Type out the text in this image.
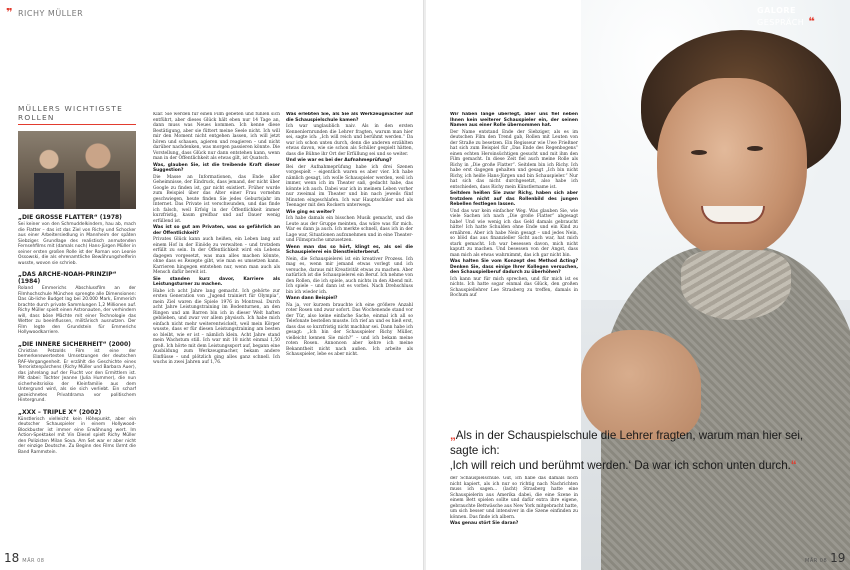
❞ RICHY MÜLLER
MÜLLERS WICHTIGSTE ROLLEN
„DIE GROSSE FLATTER“ (1978)
Sei keiner von den Schmuddelkindern, hau ab, mach die Flatter – das ist das Ziel von Richy und Schocker aus einer Arbeitersiedlung in Mannheim der späten Siebziger. Grundlage des realistisch anmutenden Fernsehfilms mit (damals noch) Hans-Jürgen Müller in seiner ersten großen Rolle ist der Roman von Leonie Ossowski, die als ehrenamtliche Bewährungshelferin wusste, wovon sie schrieb.
„DAS ARCHE-NOAH-PRINZIP“ (1984)
Roland Emmerichs Abschlussfilm an der Filmhochschule München sprengte alle Dimensionen: Das üb-liche Budget lag bei 20.000 Mark, Emmerich brachte durch private Sammlungen 1,2 Millionen auf. Richy Müller spielt einen Astronauten, der verhindern will, dass böse Mächte mit einer Technologie das Wetter zu beeinflussen, militärisch ausnutzen. Der Film legte den Grundstein für Emmerichs Hollywoodkarriere.
„DIE INNERE SICHERHEIT“ (2000)
Christian Petzolds Film ist eine der bemerkenswertesten Umsetzungen der deutschen RAF-Vergangenheit. Er erzählt die Geschichte eines Terroristenpärchens (Richy Müller und Barbara Auer), das jahrelang auf der Flucht vor den Ermittlern ist. Mit dabei: Tochter Jeanne (Julia Hummer), die nun sicherheitsrisiko der Kleinfamilie aus dem Untergrund wird, als sie sich verliebt. Ein scharf gezeichnetes Privatdrama vor politischem Hintergrund.
„XXX – TRIPLE X“ (2002)
Künstlerisch vielleicht kein Höhepunkt, aber ein deutscher Schauspieler in einem Hollywood-Blockbuster ist immer eine Erwähnung wert. Im Action-Spektakel mit Vin Diesel spielt Richy Müller den Polizisten Milan Sova. Am Set war er aber nicht der einzige Deutsche. Zu Beginn des Films lärmt die Band Rammstein.

Klar. Sie werden für einen Film gebeten und fühlen sich entführt, aber dieses Glück hält eben nur 14 Tage an, dann muss was Neues kommen. Ich kenne diese Bestätigung, aber sie füttert meine Seele nicht. Ich will mir den Moment nicht entgehen lassen, ich will jetzt hören und schauen, agieren und reagieren – und nicht darüber nachdenken, was morgen passieren könnte. Die Vorstellung, dass Glück nur dann entstehen kann, wenn man in der Öffentlichkeit als etwas gilt, ist Quatsch.

Was, glauben Sie, ist die treibende Kraft dieser Suggestion?

Die Masse an Informationen, das Ende aller Geheimnisse, der Eindruck, dass jemand, der nicht über Google zu finden ist, gar nicht existiert. Früher wurde zum Beispiel über das Alter einer Frau vornehm geschwiegen, heute finden Sie jedes Geburtsjahr im Internet. Das Private ist verschwunden, und das finde ich falsch, weil Erfolg in der Öffentlichkeit immer kurzfristig, kaum greifbar und auf Dauer wenig erfüllend ist.

Was ist so gut am Privaten, was so gefährlich an der Öffentlichkeit?

Privates Glück kann auch heißen, ein Leben lang auf einem Hof in der Einöde zu verwalten – und trotzdem erfüllt zu sein. In der Öffentlichkeit wird ein Lebens dagegen vorgesetzt, was man alles machen könnte, ohne dass es Rezepte gibt, wie man es umsetzen kann. Karrieren hingegen entstehen nur, wenn man auch als Mensch dafür bereit ist.

Sie standen kurz davor, Karriere als Leistungsturner zu machen.

Habe ich acht Jahre lang gemacht. Ich gehörte zur ersten Generation von „Jugend trainiert für Olympia“, mein Ziel waren die Spiele 1976 in Montreal. Durch acht Jahre Leistungstraining im Bodenturnen, an den Ringen und am Barren bin ich in dieser Welt haften geblieben, und zwar vor allem physisch. Ich habe mich einfach nicht mehr weiterentwickelt, weil mein Körper wusste, dass er für diesen Leistungstraining am besten so bleibt, wie er ist – nämlich klein. Acht Jahre stand mein Wachstum still. Ich war mit 18 nicht einmal 1,50 groß. Ich hörte mit dem Leistungssport auf, begann eine Ausbildung zum Werkzeugmacher, bekam andere Einflüsse – und plötzlich ging alles ganz schnell. Ich wuchs in zwei Jahren auf 1,76.

Was erlebten Sie, als Sie als Werkzeugmacher auf die Schauspielschule kamen?

Ich war unglaublich naiv. Als in den ersten Kennenlernrunden die Lehrer fragten, warum man hier sei, sagte ich: „Ich will reich und berühmt werden.“ Da war ich schon unten durch, denn die anderen erzählten etwas davon, wie sie schon als Schüler gespielt hätten, dass die Bühne ihr Ort der Erfüllung sei und so weiter.

Und wie war es bei der Aufnahmeprüfung?

Bei der Aufnahmeprüfung habe ich drei Szenen vorgespielt – eigentlich waren es aber vier. Ich habe nämlich gesagt, ich wolle Schauspieler werden, weil ich immer, wenn ich im Theater saß, gedacht habe, das könnte ich auch. Dabei war ich in meinem Leben vorher nur zweimal im Theater und bin nach jeweils fünf Minuten eingeschlafen. Ich war Hauptschüler und als Teenager mit den Rockern unterwegs.

Wie ging es weiter?

Ich habe damals ein bisschen Musik gemacht, und die Leute aus der Gruppe meinten, das wäre was für mich. War es dann ja auch. Ich merkte schnell, dass ich in der Lage war, Situationen aufzunehmen und in eine Theater- und Filmsprache umzusetzen.

Wenn man das so hört, klingt es, als sei die Schauspielerei ein Dienstleisterberuf.

Nein, die Schauspielerei ist ein kreativer Prozess. Ich mag es, wenn mir jemand etwas vorlegt und ich versuche, daraus mit Kreativität etwas zu machen. Aber natürlich ist die Schauspielerei ein Beruf. Ich nehme von den Rollen, die ich spiele, auch nichts in den Abend mit. Ich spiele – und dann ist es vorbei. Nach Drehschluss bin ich wieder ich.

Wann dann Beispiel?

Na ja, vor kurzem brauchte ich eine größere Anzahl roter Rosen und zwar sofort. Das Wochenende stand vor der Tür, also keine einfache Sache, einmal ich all so Telefonate bestellen musste. Ich rief an und es hieß erst, dass das so kurzfristig nicht machbar sei. Dann habe ich gesagt: „Ich bin der Schauspieler Richy Müller, vielleicht kennen Sie mich?“ – und ich bekam meine roten Rosen. Annoncen aber kehre ich meine Bekanntheit nicht nach außen. Ich arbeite als Schauspieler, lebe es aber nicht.

18 MÄR 08

Wir haben lange überlegt, aber uns fiel neben Ihnen kein weiterer Schauspieler ein, der seinen Namen aus einer Rolle übernommen hat.

Der Name entstand Ende der Siebziger, als es im deutschen Film den Trend gab, Rollen mit Leuten von der Straße zu besetzen. Ein Regisseur wie Uwe Frießner hat sich zum Beispiel für „Das Ende des Regenbogens“ einen echten Heroinsüchtigen gesucht und mit ihm den Film gemacht. In diese Zeit fiel auch meine Rolle als Richy in „Die große Flatter“. Seitdem bin ich Richy. Ich habe erst dagegen gehalten und gesagt „Ich bin nicht Richy, ich heiße Hans-Jürgen und bin Schauspieler.“ Nur hat sich das nicht durchgesetzt, also habe ich entschieden, dass Richy mein Künstlername ist.

Seitdem heißen Sie zwar Richy, haben sich aber trotzdem nicht auf das Rollenbild des jungen Rebellen festlegen lassen.

Und das war kein einfacher Weg. Was glauben Sie, wie viele Sachen ich nach „Die große Flatter“ abgesagt habe! Und wie wenig ich das Geld damals gebraucht hätte! Ich hatte Schulden ohne Ende und ein Kind zu ernähren. Aber ich habe Nein gesagt – und jedes Nein, so blöd das aus finanzieller Sicht auch war, hat mich stark gemacht. Ich war besessen davon, mich nicht kaputt zu machen. Und besessen von der Angst, dass man mich als etwas wahrnimmt, das ich gar nicht bin.

Was halten Sie vom Konzept des Method Acting? Denken Sie, dass einige Ihrer Kollegen versuchen, den Schauspielberuf dadurch zu überhöhen?

Ich kann nur für mich sprechen, und für mich ist es nichts. Ich hatte sogar einmal das Glück, den großen Schauspiellehrer Lee Strasberg zu treffen, damals in Bochum auf

der Schauspielschule. Gut, ich habe das damals noch nicht kapiert, als ich nur so richtig nach Nachrichten muss ich sagen... (lacht) Strasberg hatte eine Schauspielerin aus Amerika dabei, die eine Szene in einem Bett spielen sollte und dafür extra ihre eigene, gebrauchte Bettwäsche aus New York mitgebracht hatte, um sich besser und intensiver in die Szene einfinden zu können. Das finde ich albern.

Was genau stört Sie daran?

GALORE GESPRÄCH ❝
„Als in der Schauspielschule die Lehrer fragten, warum man hier sei, sagte ich:
‚Ich will reich und berühmt werden.‘ Da war ich schon unten durch.“
MÄR 08 19
